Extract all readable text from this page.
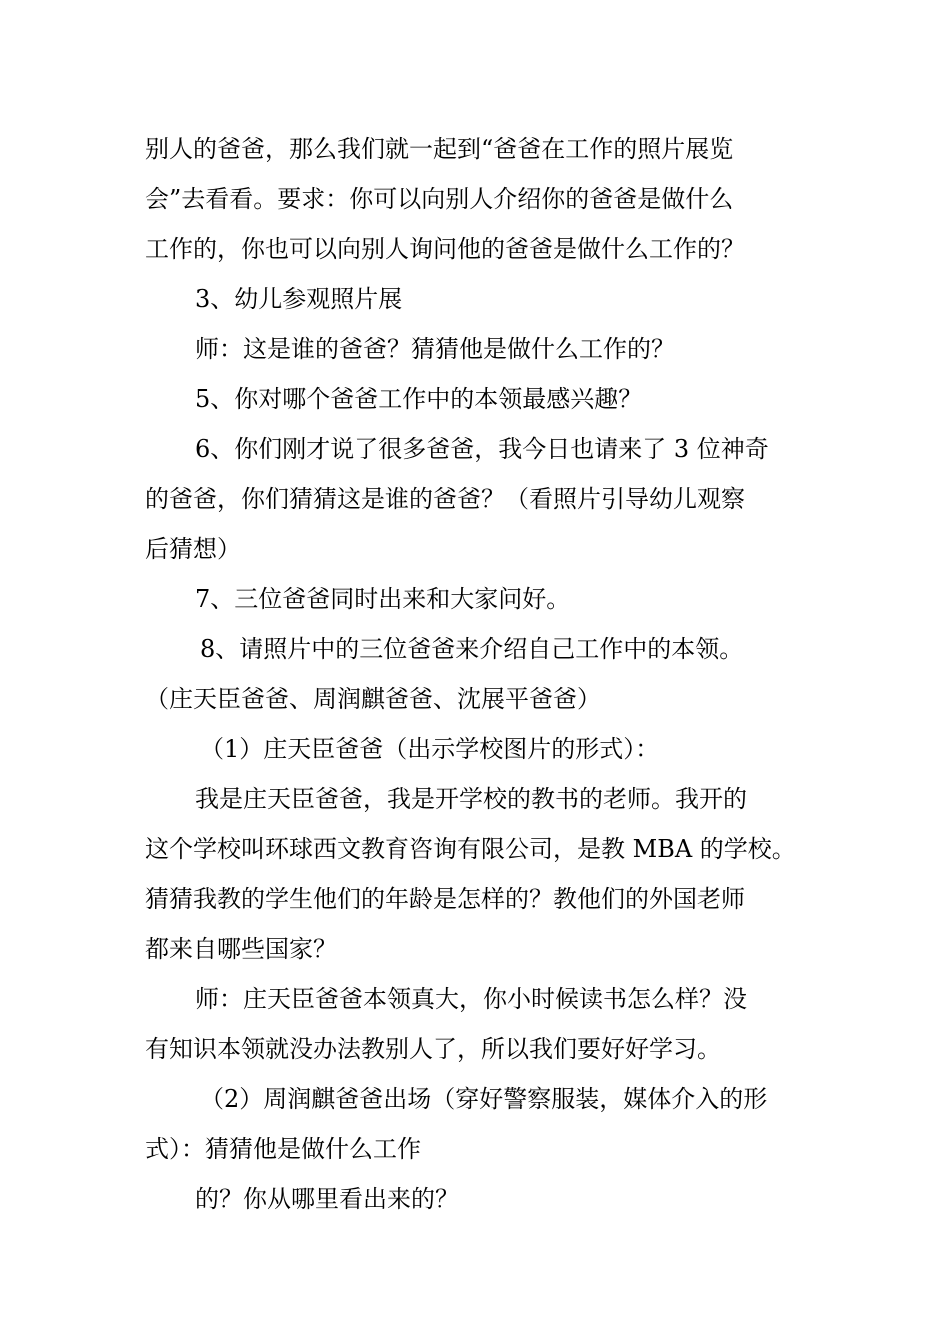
别人的爸爸，那么我们就一起到“爸爸在工作的照片展览
会”去看看。要求：你可以向别人介绍你的爸爸是做什么
工作的，你也可以向别人询问他的爸爸是做什么工作的？
3、幼儿参观照片展
师：这是谁的爸爸？猜猜他是做什么工作的？
5、你对哪个爸爸工作中的本领最感兴趣？
6、你们刚才说了很多爸爸，我今日也请来了 3 位神奇
的爸爸，你们猜猜这是谁的爸爸？（看照片引导幼儿观察
后猜想）
7、三位爸爸同时出来和大家问好。
8、请照片中的三位爸爸来介绍自己工作中的本领。
（庄天臣爸爸、周润麒爸爸、沈展平爸爸）
（1）庄天臣爸爸（出示学校图片的形式）：
我是庄天臣爸爸，我是开学校的教书的老师。我开的
这个学校叫环球西文教育咨询有限公司，是教 MBA 的学校。
猜猜我教的学生他们的年龄是怎样的？教他们的外国老师
都来自哪些国家？
师：庄天臣爸爸本领真大，你小时候读书怎么样？没
有知识本领就没办法教别人了，所以我们要好好学习。
（2）周润麒爸爸出场（穿好警察服装，媒体介入的形
式）：猜猜他是做什么工作
的？你从哪里看出来的？
